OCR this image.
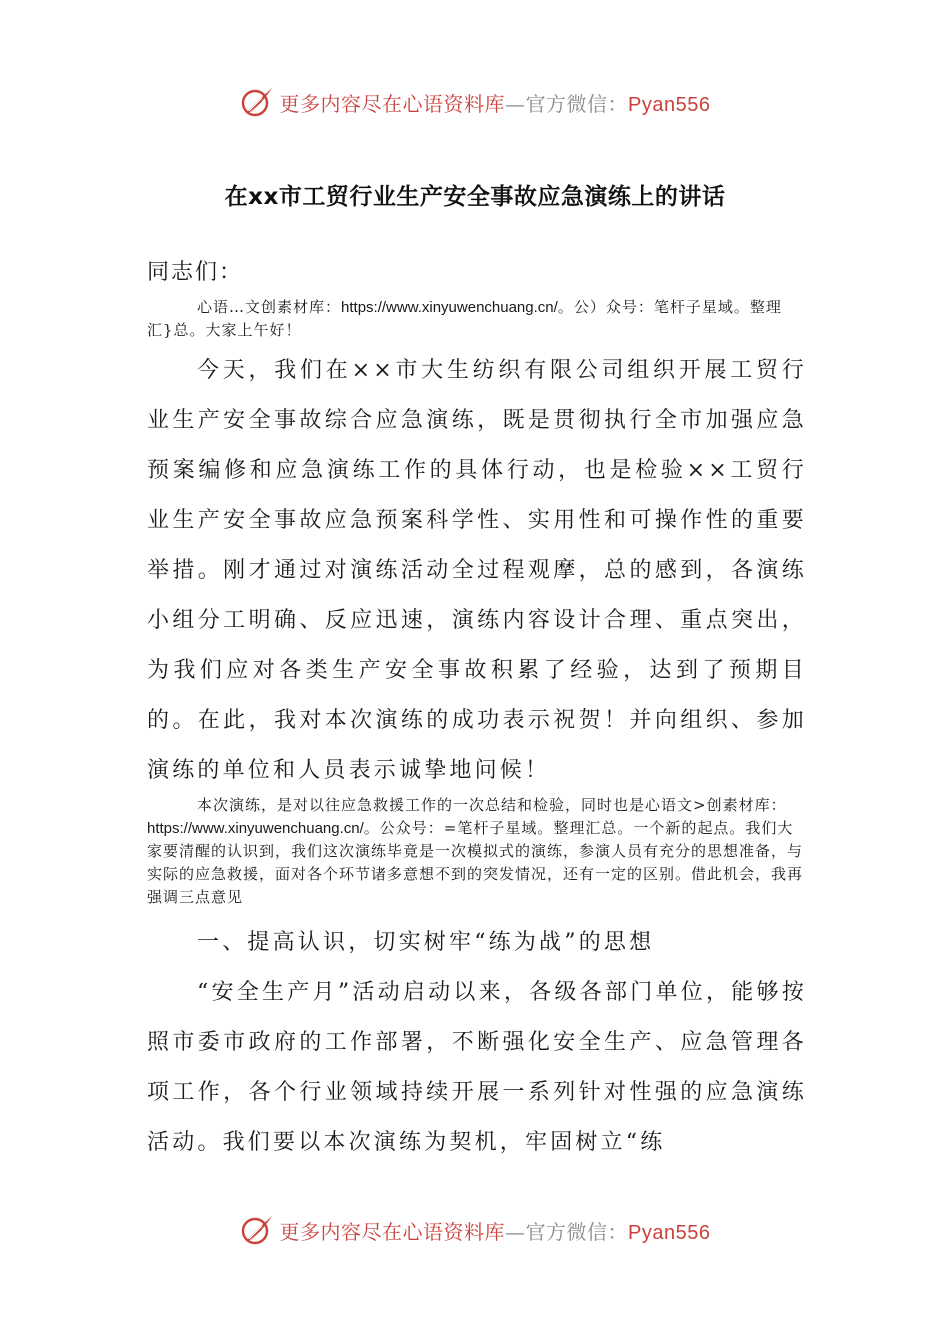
更多内容尽在心语资料库—官方微信：Pyan556
在xx市工贸行业生产安全事故应急演练上的讲话
同志们：

心语…文创素材库：https://www.xinyuwenchuang.cn/。公）众号：笔杆子星域。整理汇}总。大家上午好！

今天，我们在××市大生纺织有限公司组织开展工贸行业生产安全事故综合应急演练，既是贯彻执行全市加强应急预案编修和应急演练工作的具体行动，也是检验××工贸行业生产安全事故应急预案科学性、实用性和可操作性的重要举措。刚才通过对演练活动全过程观摩，总的感到，各演练小组分工明确、反应迅速，演练内容设计合理、重点突出，为我们应对各类生产安全事故积累了经验，达到了预期目的。在此，我对本次演练的成功表示祝贺！并向组织、参加演练的单位和人员表示诚挚地问候！

本次演练，是对以往应急救援工作的一次总结和检验，同时也是心语文>创素材库：https://www.xinyuwenchuang.cn/。公众号：=笔杆子星域。整理汇总。一个新的起点。我们大家要清醒的认识到，我们这次演练毕竟是一次模拟式的演练，参演人员有充分的思想准备，与实际的应急救援，面对各个环节诸多意想不到的突发情况，还有一定的区别。借此机会，我再强调三点意见

一、提高认识，切实树牢“练为战”的思想

“安全生产月”活动启动以来，各级各部门单位，能够按照市委市政府的工作部署，不断强化安全生产、应急管理各项工作，各个行业领域持续开展一系列针对性强的应急演练活动。我们要以本次演练为契机，牢固树立“练

更多内容尽在心语资料库—官方微信：Pyan556
